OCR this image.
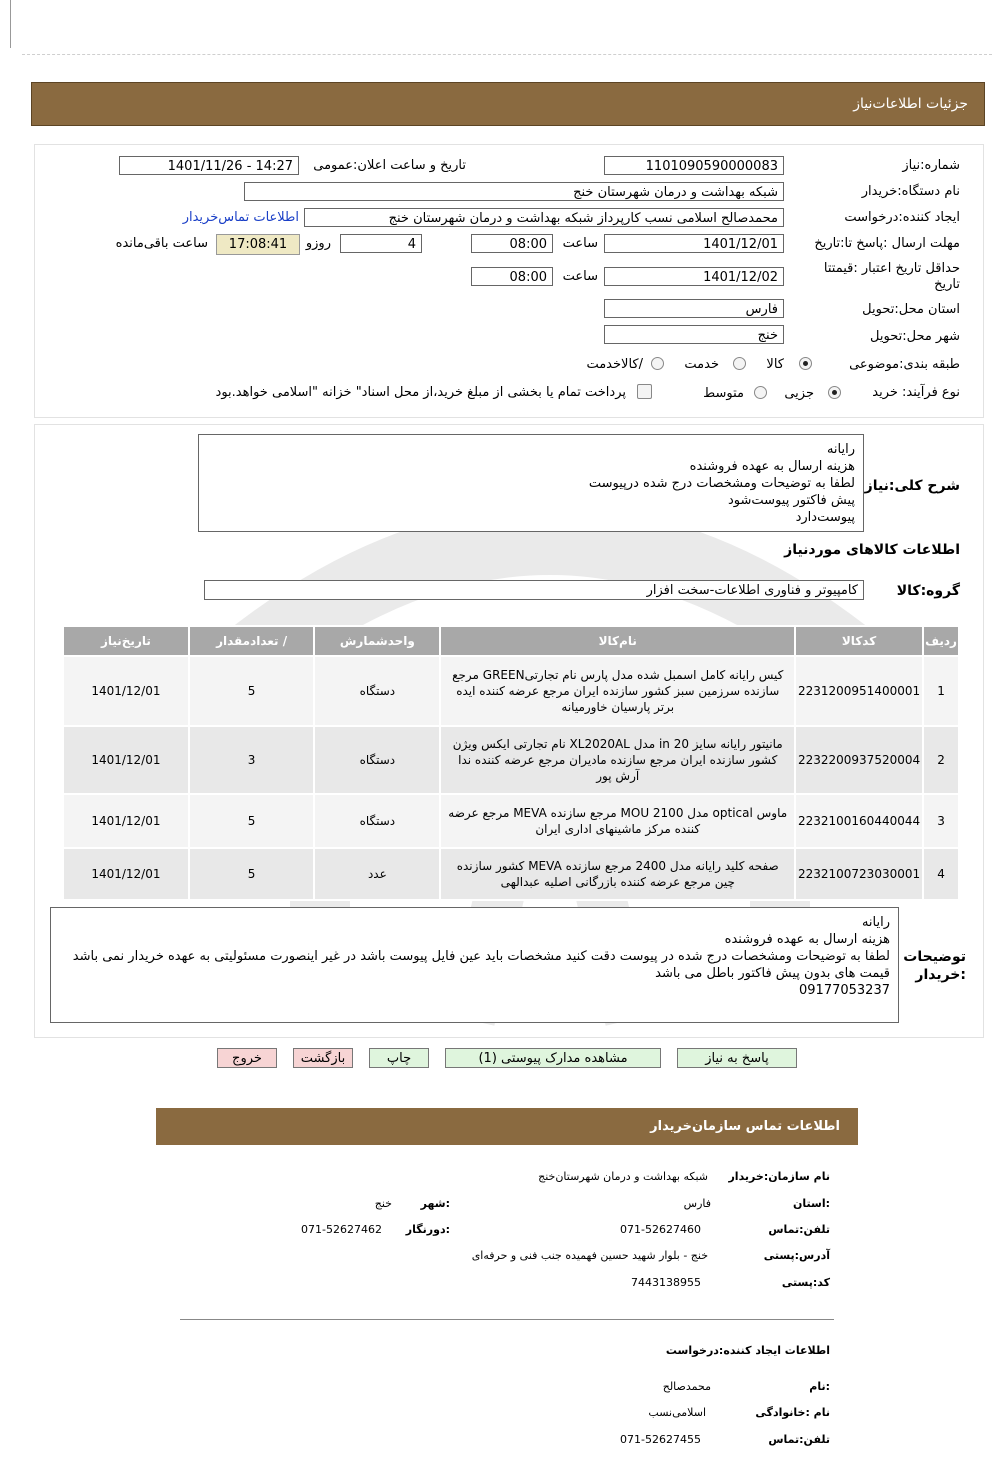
جزئیات اطلاعات‌نیاز
شماره:نیاز
1101090590000083
تاریخ و ساعت اعلان:عمومی
1401/11/26 - 14:27
نام دستگاه:خریدار
شبکه بهداشت و درمان شهرستان خنج
ایجاد کننده:درخواست
محمدصالح اسلامی نسب کارپرداز شبکه بهداشت و درمان شهرستان خنج
اطلاعات تماس‌خریدار
مهلت ارسال :پاسخ تا:تاریخ
1401/12/01
ساعت
08:00
4
روزو
17:08:41
ساعت باقی‌مانده
حداقل تاریخ اعتبار :قیمتتا تاریخ
1401/12/02
ساعت
08:00
استان محل:تحویل
فارس
شهر محل:تحویل
خنج
طبقه بندی:موضوعی
کالا
خدمت
/کالاخدمت
نوع فرآیند: خرید
جزیی
متوسط
پرداخت تمام یا بخشی از مبلغ خرید،از محل اسناد" خزانه "اسلامی خواهد.بود
شرح کلی:نیاز
رایانه
هزینه ارسال به عهده فروشنده
لطفا به توضیحات ومشخصات درج شده درپیوست
پیش فاکتور پیوست‌شود
پیوست‌دارد
اطلاعات کالاهای موردنیاز
گروه:کالا
کامپیوتر و فناوری اطلاعات-سخت افزار
ردیف	کدکالا	نام‌کالا	واحدشمارش	/ تعدادمقدار	تاریخ‌نیاز
1	2231200951400001	کیس رایانه کامل اسمبل شده مدل پارس نام تجارتیGREEN مرجع سازنده سرزمین سبز کشور سازنده ایران مرجع عرضه کننده ایده برتر پارسیان خاورمیانه	دستگاه	5	1401/12/01
2	2232200937520004	مانیتور رایانه سایز in 20 مدل XL2020AL نام تجارتی ایکس ویژن کشور سازنده ایران مرجع سازنده مادیران مرجع عرضه کننده ندا آرش پور	دستگاه	3	1401/12/01
3	2232100160440044	ماوس optical مدل MOU 2100 مرجع سازنده MEVA مرجع عرضه کننده مرکز ماشینهای اداری ایران	دستگاه	5	1401/12/01
4	2232100723030001	صفحه کلید رایانه مدل 2400 مرجع سازنده MEVA کشور سازنده چین مرجع عرضه کننده بازرگانی اصلیه عبدالهی	عدد	5	1401/12/01
توضیحات :خریدار
رایانه
هزینه ارسال به عهده فروشنده
لطفا به توضیحات ومشخصات درج شده در پیوست دقت کنید مشخصات باید عین فایل پیوست باشد در غیر اینصورت مسئولیتی به عهده خریدار نمی باشد
قیمت های بدون پیش فاکتور باطل می باشد
09177053237
پاسخ به نیاز
مشاهده مدارک پیوستی (1)
چاپ
بازگشت
خروج
اطلاعات تماس سازمان‌خریدار
نام سازمان:خریدار
شبکه بهداشت و درمان شهرستان‌خنج
:استان
فارس
:شهر
خنج
تلفن:تماس
071-52627460
:دورنگار
071-52627462
آدرس:پستی
خنج - بلوار شهید حسین فهمیده جنب فنی و حرفه‌ای
کد:پستی
7443138955
اطلاعات ایجاد کننده:درخواست
:نام
محمدصالح
نام :خانوادگی
اسلامی‌نسب
تلفن:تماس
071-52627455
